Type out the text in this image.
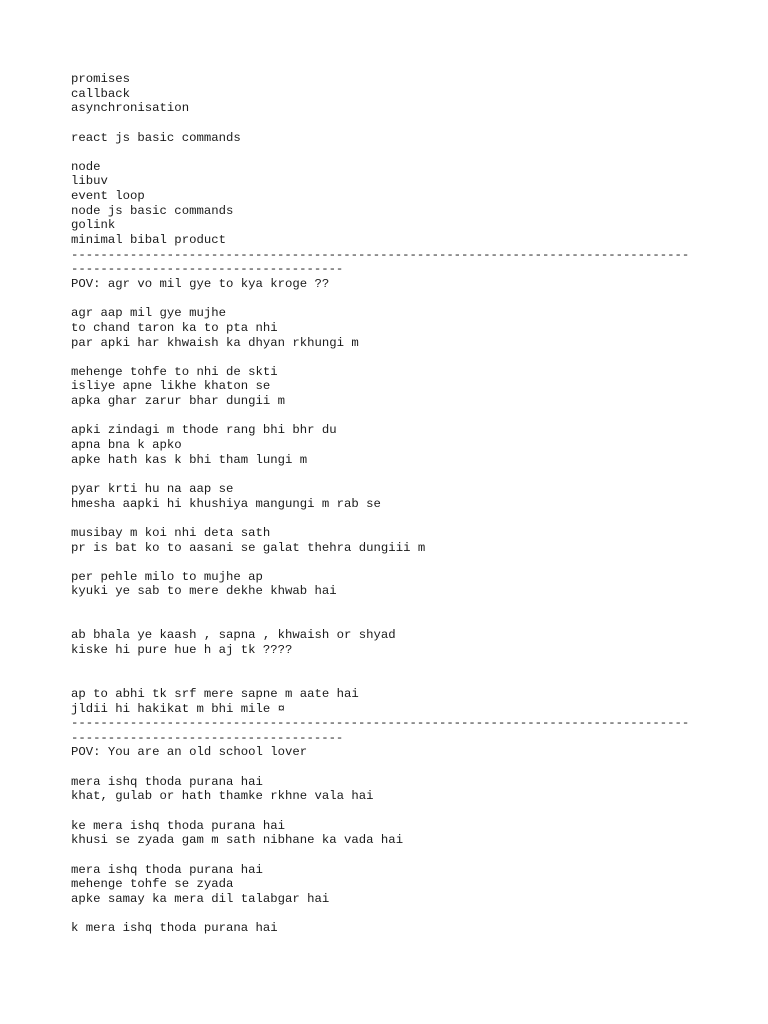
promises
callback
asynchronisation
react js basic commands
node
libuv
event loop
node js basic commands
golink
minimal bibal product
------------------------------------------------------------------------------------
-------------------------------------
POV: agr vo mil gye to kya kroge ??
agr aap mil gye mujhe
to chand taron ka to pta nhi
par apki har khwaish ka dhyan rkhungi m
mehenge tohfe to nhi de skti
isliye apne likhe khaton se
apka ghar zarur bhar dungii m
apki zindagi m thode rang bhi bhr du
apna bna k apko
apke hath kas k bhi tham lungi m
pyar krti hu na aap se
hmesha aapki hi khushiya mangungi m rab se
musibay m koi nhi deta sath
pr is bat ko to aasani se galat thehra dungiii m
per pehle milo to mujhe ap
kyuki ye sab to mere dekhe khwab hai
ab bhala ye kaash , sapna , khwaish or shyad
kiske hi pure hue h aj tk ????
ap to abhi tk srf mere sapne m aate hai
jldii hi hakikat m bhi mile ¤
------------------------------------------------------------------------------------
-------------------------------------
POV: You are an old school lover
mera ishq thoda purana hai
khat, gulab or hath thamke rkhne vala hai
ke mera ishq thoda purana hai
khusi se zyada gam m sath nibhane ka vada hai
mera ishq thoda purana hai
mehenge tohfe se zyada
apke samay ka mera dil talabgar hai
k mera ishq thoda purana hai
